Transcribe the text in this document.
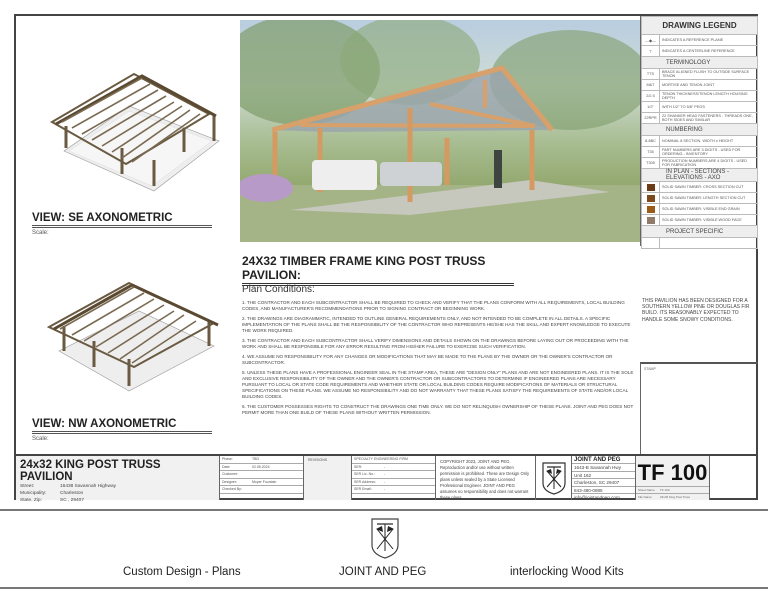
VIEW: SE AXONOMETRIC
Scale:
VIEW: NW AXONOMETRIC
Scale:
24X32 TIMBER FRAME KING POST TRUSS PAVILION:
Plan Conditions:

1. THE CONTRACTOR AND EACH SUBCONTRACTOR SHALL BE REQUIRED TO CHECK AND VERIFY THAT THE PLANS CONFORM WITH ALL REQUIREMENTS, LOCAL BUILDING CODES, AND MANUFACTURER'S RECOMMENDATIONS PRIOR TO SIGNING CONTRACT OR BEGINNING WORK.

2. THE DRAWINGS ARE DIAGRAMMATIC, INTENDED TO OUTLINE GENERAL REQUIREMENTS ONLY, AND NOT INTENDED TO BE COMPLETE IN ALL DETAILS. A SPECIFIC IMPLEMENTATION OF THE PLANS SHALL BE THE RESPONSIBILITY OF THE CONTRACTOR WHO REPRESENTS HE/SHE HAS THE SKILL AND EXPERT KNOWLEDGE TO EXECUTE THE WORK REQUIRED.

3. THE CONTRACTOR AND EACH SUBCONTRACTOR SHALL VERIFY DIMENSIONS AND DETAILS SHOWN ON THE DRAWINGS BEFORE LAYING OUT OR PROCEEDING WITH THE WORK AND SHALL BE RESPONSIBLE FOR ANY ERROR RESULTING FROM HIS/HER FAILURE TO EXERCISE SUCH VERIFICATION.

4. WE ASSUME NO RESPONSIBILITY FOR ANY CHANGES OR MODIFICATIONS THAT MAY BE MADE TO THE PLANS BY THE OWNER OR THE OWNER'S CONTRACTOR OR SUBCONTRACTOR.

5. UNLESS THESE PLANS HAVE A PROFESSIONAL ENGINEER SEAL IN THE STAMP AREA, THESE ARE "DESIGN ONLY" PLANS AND ARE NOT ENGINEERED PLANS. IT IS THE SOLE AND EXCLUSIVE RESPONSIBILITY OF THE OWNER AND THE OWNER'S CONTRACTOR OR SUBCONTRACTORS TO DETERMINE IF ENGINEERED PLANS ARE NECESSARY PURSUANT TO LOCAL OR STATE CODE REQUIREMENTS AND WHETHER STATE OR LOCAL BUILDING CODES REQUIRE MODIFICATIONS OF MATERIALS OR STRUCTURAL SPECIFICATIONS ON THESE PLANS. WE ASSUME NO RESPONSIBILITY AND DO NOT WARRANTY THAT THESE PLANS SATISFY THE REQUIREMENTS OF STATE AND/OR LOCAL BUILDING CODES.

6. THE CUSTOMER POSSESSES RIGHTS TO CONSTRUCT THE DRAWINGS ONE TIME ONLY. WE DO NOT RELINQUISH OWNERSHIP OF THESE PLANS. JOINT AND PEG DOES NOT PERMIT MORE THAN ONE BUILD OF THESE PLANS WITHOUT WRITTEN PERMISSION.

DRAWING LEGEND	
—◆—	INDICATES A REFERENCE PLANE
⊤	INDICATES A CENTERLINE REFERENCE
TERMINOLOGY	
TTS	BRACE ALIGNED FLUSH TO OUTSIDE SURFACE TENON
M&T	MORTISE AND TENON JOINT
2/2.5	TENON THICKNESS/TENON LENGTH HOUSING DEPTH
1/2"	WITH 1/2" TO 5/8" PEGS
22RPR	22 SHANKER HEAD FASTENERS - THREADS ONE, BOTH SIDES AND SIMILAR
NUMBERING	
8-8BC	NOMINAL 8 SECTION, WIDTH x HEIGHT
T35	PART NUMBERS ARE 3 DIGITS - USED FOR ORDERING - INVENTORY
T305	PRODUCTION NUMBERS ARE 4 DIGITS - USED FOR FABRICATION
IN PLAN - SECTIONS - ELEVATIONS - AXO	
	SOLID SAWN TIMBER: CROSS SECTION CUT
	SOLID SAWN TIMBER: LENGTH SECTION CUT
	SOLID SAWN TIMBER: VISIBLE END GRAIN
	SOLID SAWN TIMBER: VISIBLE WOOD FACE
PROJECT SPECIFIC	

THIS PAVILION HAS BEEN DESIGNED FOR A SOUTHERN YELLOW PINE OR DOUGLAS FIR BUILD. ITS REASONABLY EXPECTED TO HANDLE SOME SNOWY CONDITIONS.
STAMP
24x32 KING POST TRUSS PAVILION
Street:	16438 Savannah Highway
Municipality:	Charleston
State, Zip:	SC , 29407
Phase:	TBD
Date:	02.05.2024
Customer:
Designer:	Moyer Fountain
Checked By:
REVISIONS	SPECIALTY ENGINEERING FIRM
SER:	-
SER Lic. No.:	-
SER Address:	-
SER Email:	-
COPYRIGHT 2023, JOINT AND PEG. Reproduction and/or use without written permission is prohibited. These are Design Only plans unless sealed by a State Licensed Professional Engineer. JOINT AND PEG assumes no responsibility and does not warrant these plans.
JOINT AND PEG
1643-B Savannah Hwy
Unit 162
Charleston, SC 29407
843-480-0885
info@jointandpeg.com
TF 100
Sheet Name	TF 100
File Name	24x32 King Post Truss
Custom Design - Plans	JOINT AND PEG	interlocking Wood Kits
